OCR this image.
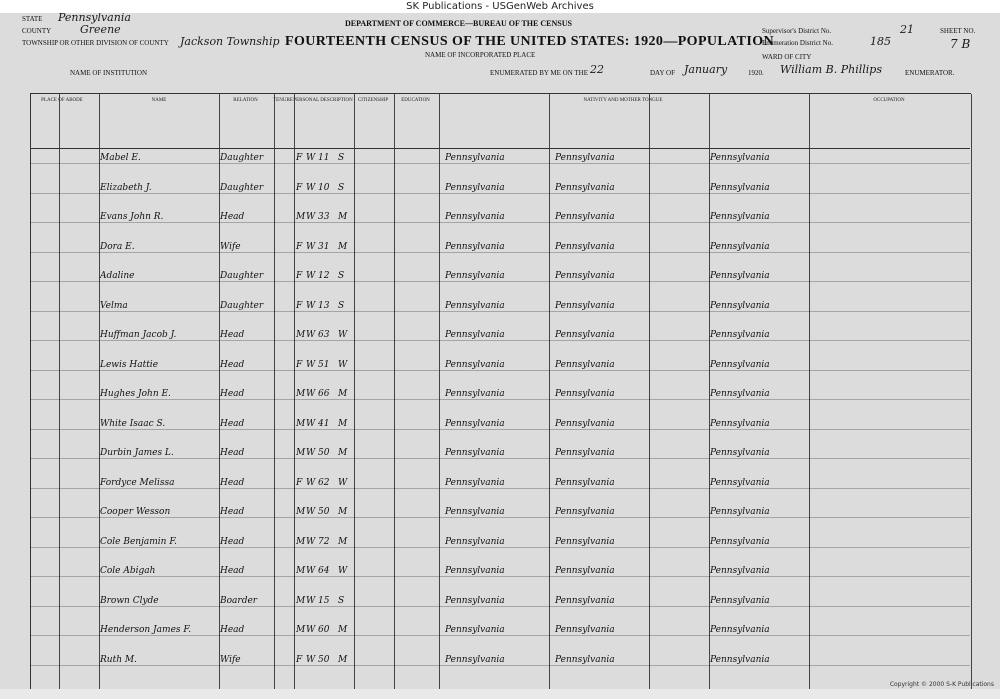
SK Publications - USGenWeb Archives
DEPARTMENT OF COMMERCE—BUREAU OF THE CENSUS
FOURTEENTH CENSUS OF THE UNITED STATES: 1920—POPULATION
STATE Pennsylvania
COUNTY	Greene
TOWNSHIP OR OTHER DIVISION OF COUNTY Jackson Township
NAME OF INCORPORATED PLACE
NAME OF INSTITUTION	ENUMERATED BY ME ON THE 22	DAY OF January	1920. William B. Phillips	ENUMERATOR.
Supervisor's District No.	21
Enumeration District No.	185
SHEET NO.
7 B
WARD OF CITY
PLACE OF ABODE	NAME	RELATION	TENURE PERSONAL DESCRIPTION	CITIZENSHIP	EDUCATION	NATIVITY AND MOTHER TONGUE	OCCUPATION
Mabel E.	Daughter	F W 11 S	Pennsylvania	Pennsylvania	Pennsylvania
Elizabeth J.	Daughter	F W 10 S	Pennsylvania	Pennsylvania	Pennsylvania
Evans John R.	Head	M W 33 M	Pennsylvania	Pennsylvania	Pennsylvania
Dora E.	Wife	F W 31 M	Pennsylvania	Pennsylvania	Pennsylvania
Adaline	Daughter	F W 12 S	Pennsylvania	Pennsylvania	Pennsylvania
Velma	Daughter	F W 13 S	Pennsylvania	Pennsylvania	Pennsylvania
Huffman Jacob J.	Head	M W 63 W	Pennsylvania	Pennsylvania	Pennsylvania
Lewis Hattie	Head	F W 51 W	Pennsylvania	Pennsylvania	Pennsylvania
Hughes John E.	Head	M W 66 M	Pennsylvania	Pennsylvania	Pennsylvania
White Isaac S.	Head	M W 41 M	Pennsylvania	Pennsylvania	Pennsylvania
Durbin James L.	Head	M W 50 M	Pennsylvania	Pennsylvania	Pennsylvania
Fordyce Melissa	Head	F W 62 W	Pennsylvania	Pennsylvania	Pennsylvania
Cooper Wesson	Head	M W 50 M	Pennsylvania	Pennsylvania	Pennsylvania
Cole Benjamin F.	Head	M W 72 M	Pennsylvania	Pennsylvania	Pennsylvania
Cole Abigah	Head	M W 64 W	Pennsylvania	Pennsylvania	Pennsylvania
Brown Clyde	Boarder	M W 15 S	Pennsylvania	Pennsylvania	Pennsylvania
Henderson James F.	Head	M W 60 M	Pennsylvania	Pennsylvania	Pennsylvania
Ruth M.	Wife	F W 50 M	Pennsylvania	Pennsylvania	Pennsylvania
Copyright © 2000 S-K Publications
